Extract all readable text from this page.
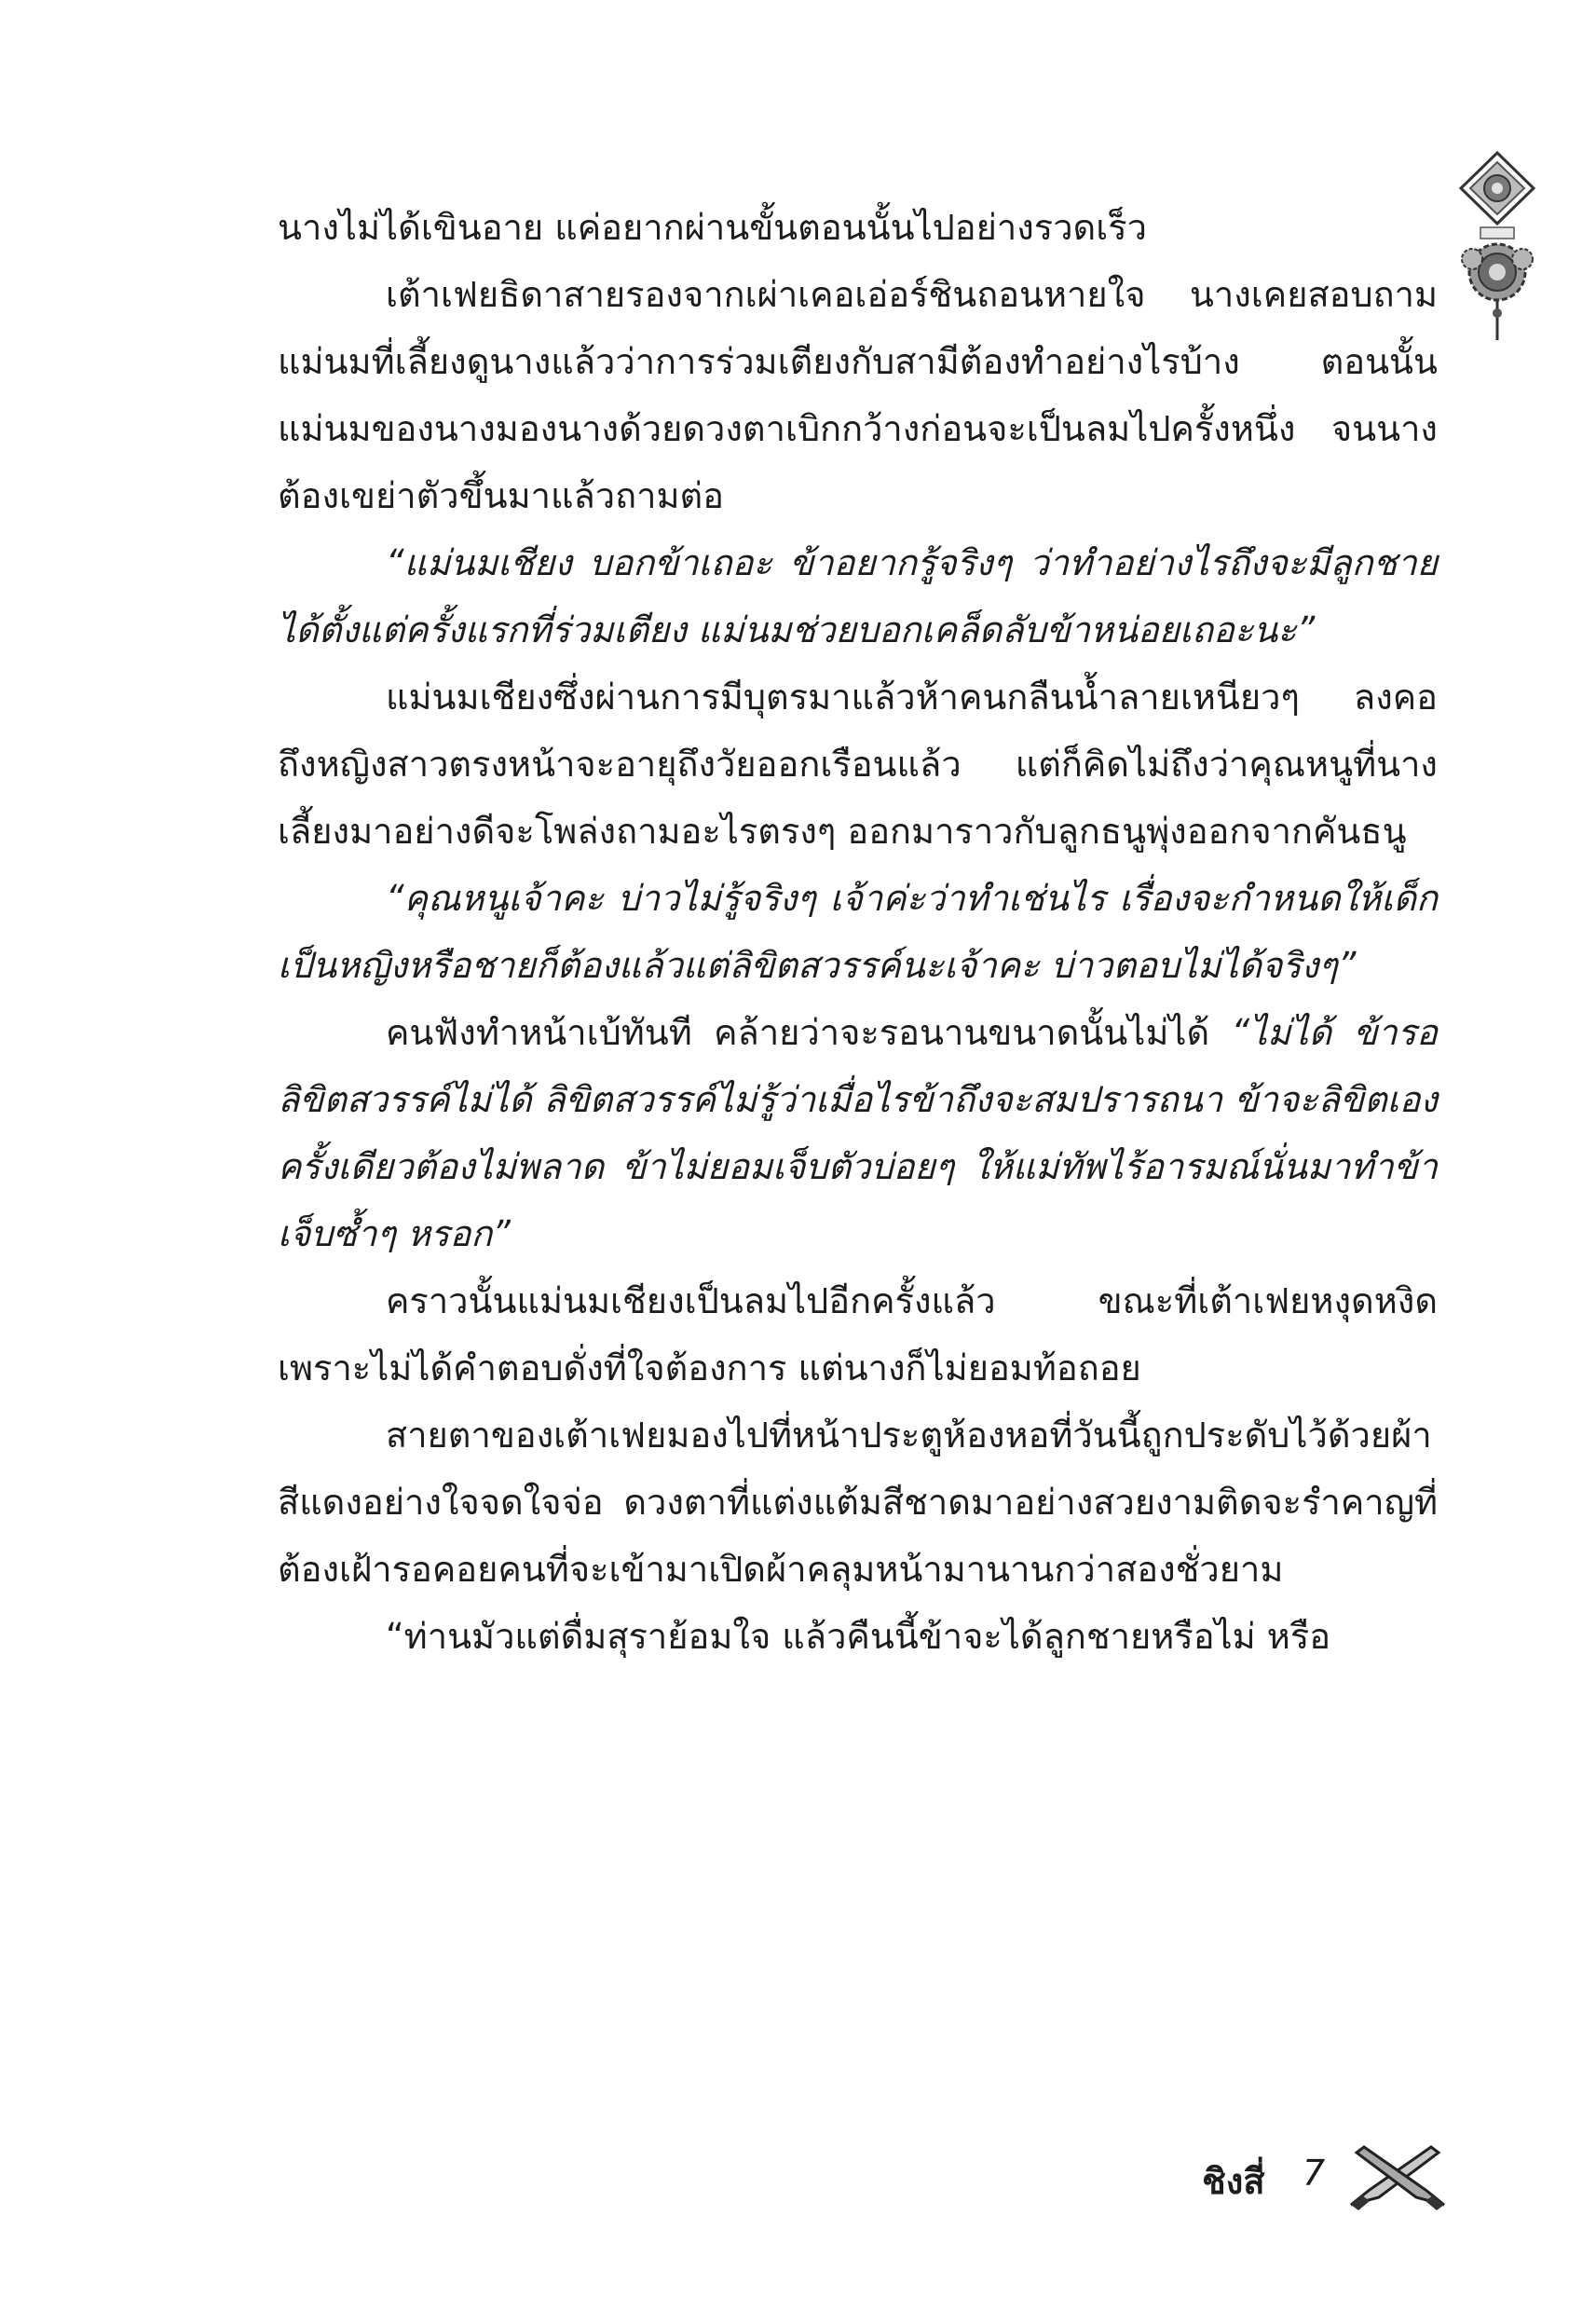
นางไม่ได้เขินอาย แค่อยากผ่านขั้นตอนนั้นไปอย่างรวดเร็ว

เต้าเฟยธิดาสายรองจากเผ่าเคอเอ่อร์ชินถอนหายใจ นางเคยสอบถามแม่นมที่เลี้ยงดูนางแล้วว่าการร่วมเตียงกับสามีต้องทำอย่างไรบ้าง ตอนนั้นแม่นมของนางมองนางด้วยดวงตาเบิกกว้างก่อนจะเป็นลมไปครั้งหนึ่ง จนนางต้องเขย่าตัวขึ้นมาแล้วถามต่อ

“แม่นมเชียง บอกข้าเถอะ ข้าอยากรู้จริงๆ ว่าทำอย่างไรถึงจะมีลูกชายได้ตั้งแต่ครั้งแรกที่ร่วมเตียง แม่นมช่วยบอกเคล็ดลับข้าหน่อยเถอะนะ”

แม่นมเชียงซึ่งผ่านการมีบุตรมาแล้วห้าคนกลืนน้ำลายเหนียวๆ ลงคอ ถึงหญิงสาวตรงหน้าจะอายุถึงวัยออกเรือนแล้ว แต่ก็คิดไม่ถึงว่าคุณหนูที่นางเลี้ยงมาอย่างดีจะโพล่งถามอะไรตรงๆ ออกมาราวกับลูกธนูพุ่งออกจากคันธนู

“คุณหนูเจ้าคะ บ่าวไม่รู้จริงๆ เจ้าค่ะว่าทำเช่นไร เรื่องจะกำหนดให้เด็กเป็นหญิงหรือชายก็ต้องแล้วแต่ลิขิตสวรรค์นะเจ้าคะ บ่าวตอบไม่ได้จริงๆ”

คนฟังทำหน้าเบ้ทันที คล้ายว่าจะรอนานขนาดนั้นไม่ได้ “ไม่ได้ ข้ารอลิขิตสวรรค์ไม่ได้ ลิขิตสวรรค์ไม่รู้ว่าเมื่อไรข้าถึงจะสมปรารถนา ข้าจะลิขิตเอง ครั้งเดียวต้องไม่พลาด ข้าไม่ยอมเจ็บตัวบ่อยๆ ให้แม่ทัพไร้อารมณ์นั่นมาทำข้าเจ็บซ้ำๆ หรอก”

คราวนั้นแม่นมเชียงเป็นลมไปอีกครั้งแล้ว ขณะที่เต้าเฟยหงุดหงิดเพราะไม่ได้คำตอบดั่งที่ใจต้องการ แต่นางก็ไม่ยอมท้อถอย

สายตาของเต้าเฟยมองไปที่หน้าประตูห้องหอที่วันนี้ถูกประดับไว้ด้วยผ้าสีแดงอย่างใจจดใจจ่อ ดวงตาที่แต่งแต้มสีชาดมาอย่างสวยงามติดจะรำคาญที่ต้องเฝ้ารอคอยคนที่จะเข้ามาเปิดผ้าคลุมหน้ามานานกว่าสองชั่วยาม

“ท่านมัวแต่ดื่มสุราย้อมใจ แล้วคืนนี้ข้าจะได้ลูกชายหรือไม่ หรือ

ชิงสี่ 7
